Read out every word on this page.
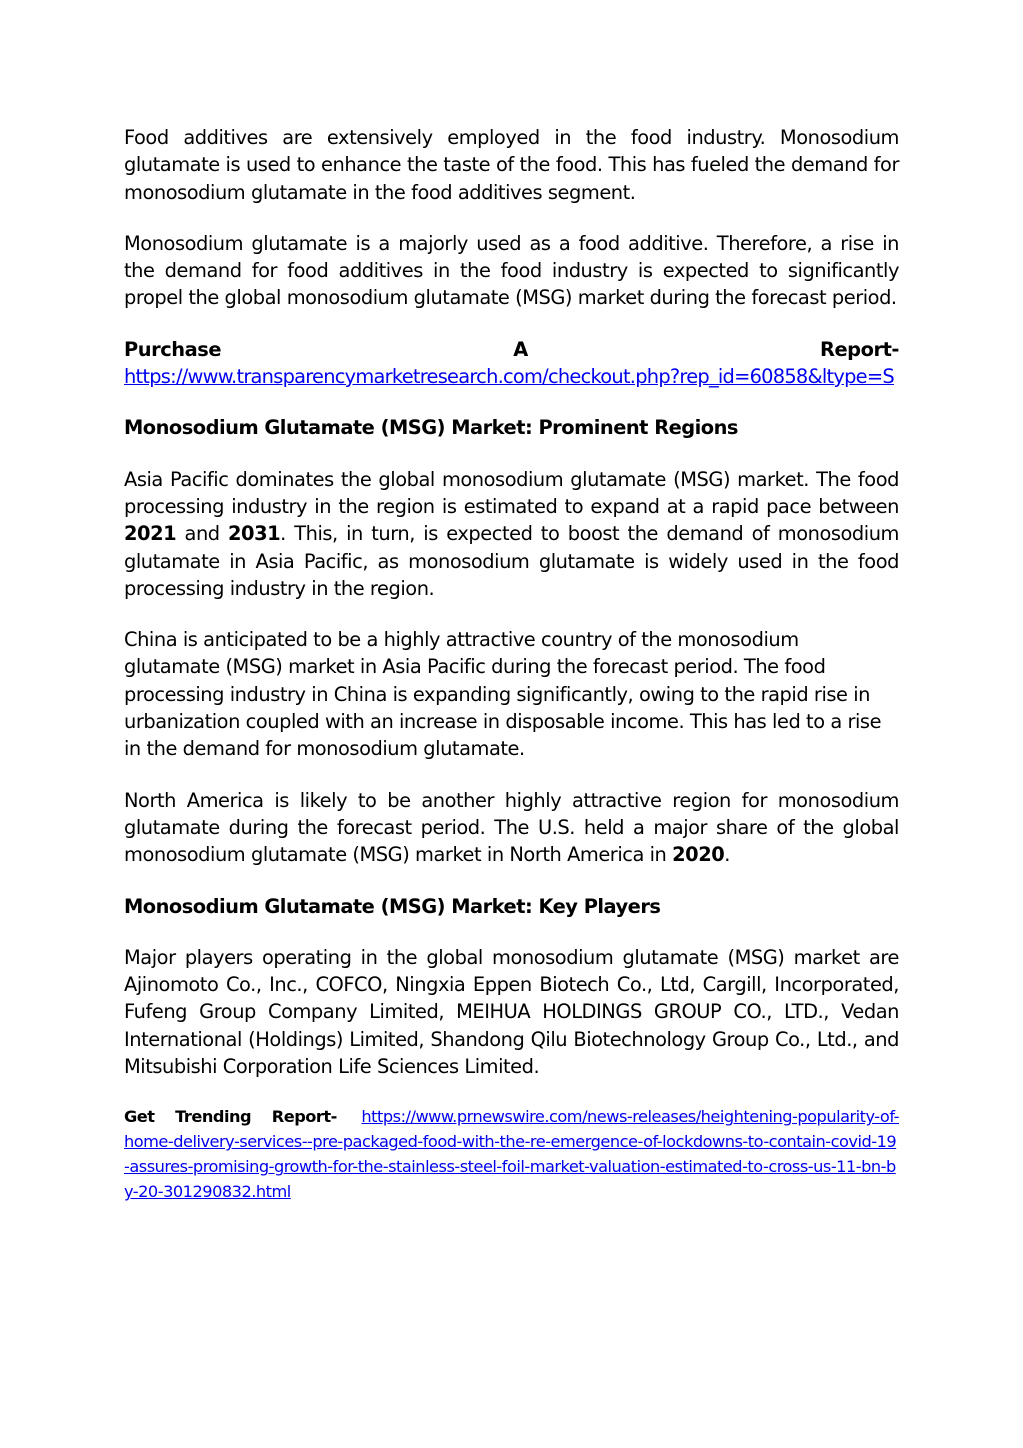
Food additives are extensively employed in the food industry. Monosodium glutamate is used to enhance the taste of the food. This has fueled the demand for monosodium glutamate in the food additives segment.

Monosodium glutamate is a majorly used as a food additive. Therefore, a rise in the demand for food additives in the food industry is expected to significantly propel the global monosodium glutamate (MSG) market during the forecast period.

Purchase	A	Report-
https://www.transparencymarketresearch.com/checkout.php?rep_id=60858&ltype=S
Monosodium Glutamate (MSG) Market: Prominent Regions

Asia Pacific dominates the global monosodium glutamate (MSG) market. The food processing industry in the region is estimated to expand at a rapid pace between 2021 and 2031. This, in turn, is expected to boost the demand of monosodium glutamate in Asia Pacific, as monosodium glutamate is widely used in the food processing industry in the region.

China is anticipated to be a highly attractive country of the monosodium glutamate (MSG) market in Asia Pacific during the forecast period. The food processing industry in China is expanding significantly, owing to the rapid rise in urbanization coupled with an increase in disposable income. This has led to a rise in the demand for monosodium glutamate.

North America is likely to be another highly attractive region for monosodium glutamate during the forecast period. The U.S. held a major share of the global monosodium glutamate (MSG) market in North America in 2020.

Monosodium Glutamate (MSG) Market: Key Players

Major players operating in the global monosodium glutamate (MSG) market are Ajinomoto Co., Inc., COFCO, Ningxia Eppen Biotech Co., Ltd, Cargill, Incorporated, Fufeng Group Company Limited, MEIHUA HOLDINGS GROUP CO., LTD., Vedan International (Holdings) Limited, Shandong Qilu Biotechnology Group Co., Ltd., and Mitsubishi Corporation Life Sciences Limited.

Get Trending Report- https://www.prnewswire.com/news-releases/heightening-popularity-of-home-delivery-services--pre-packaged-food-with-the-re-emergence-of-lockdowns-to-contain-covid-19-assures-promising-growth-for-the-stainless-steel-foil-market-valuation-estimated-to-cross-us-11-bn-by-20-301290832.html
